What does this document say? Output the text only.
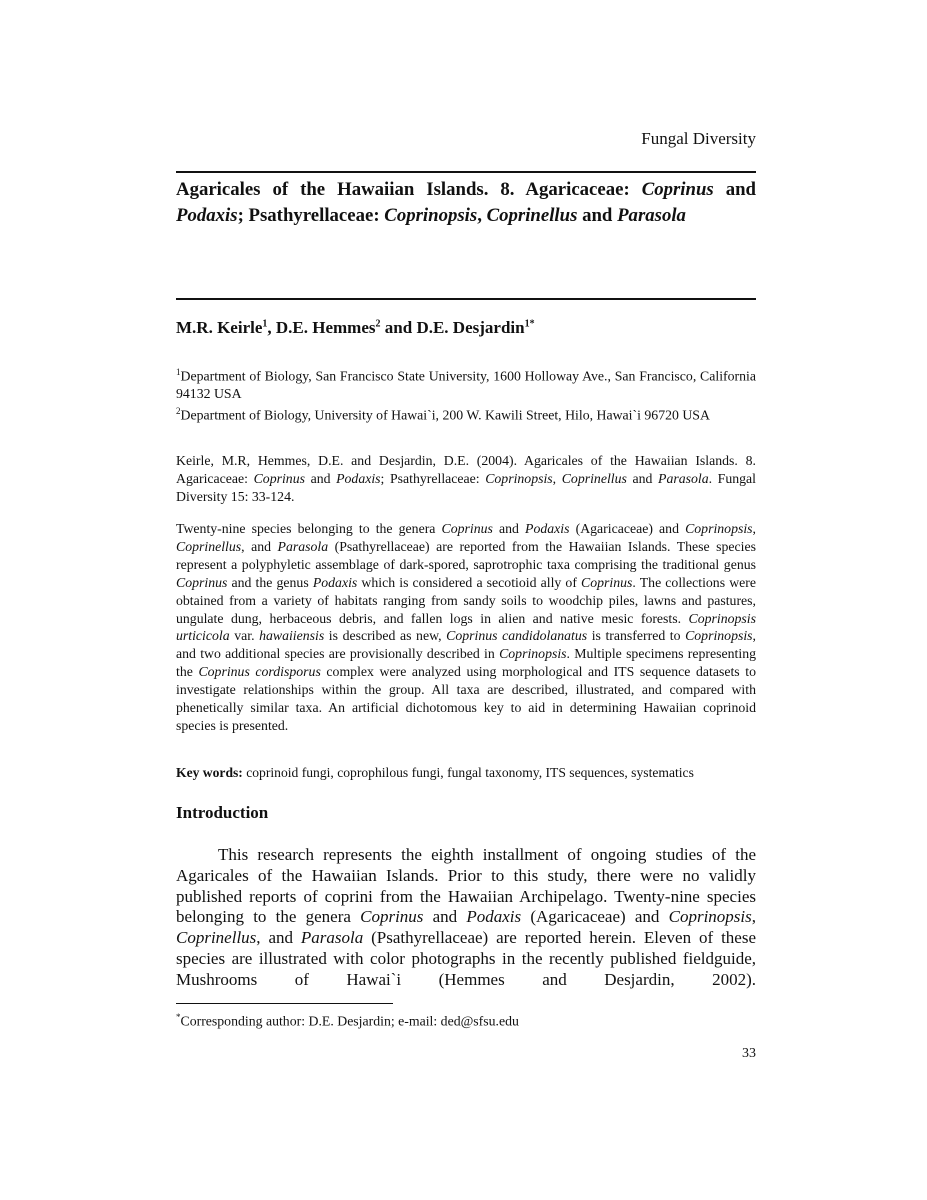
Fungal Diversity
Agaricales of the Hawaiian Islands. 8. Agaricaceae: Coprinus and Podaxis; Psathyrellaceae: Coprinopsis, Coprinellus and Parasola
M.R. Keirle$^1$, D.E. Hemmes$^2$ and D.E. Desjardin$^{1*}$

$^1$Department of Biology, San Francisco State University, 1600 Holloway Ave., San Francisco, California 94132 USA

$^2$Department of Biology, University of Hawai`i, 200 W. Kawili Street, Hilo, Hawai`i 96720 USA

Keirle, M.R, Hemmes, D.E. and Desjardin, D.E. (2004). Agaricales of the Hawaiian Islands. 8. Agaricaceae: Coprinus and Podaxis; Psathyrellaceae: Coprinopsis, Coprinellus and Parasola. Fungal Diversity 15: 33-124.
Twenty-nine species belonging to the genera Coprinus and Podaxis (Agaricaceae) and Coprinopsis, Coprinellus, and Parasola (Psathyrellaceae) are reported from the Hawaiian Islands. These species represent a polyphyletic assemblage of dark-spored, saprotrophic taxa comprising the traditional genus Coprinus and the genus Podaxis which is considered a secotioid ally of Coprinus. The collections were obtained from a variety of habitats ranging from sandy soils to woodchip piles, lawns and pastures, ungulate dung, herbaceous debris, and fallen logs in alien and native mesic forests. Coprinopsis urticicola var. hawaiiensis is described as new, Coprinus candidolanatus is transferred to Coprinopsis, and two additional species are provisionally described in Coprinopsis. Multiple specimens representing the Coprinus cordisporus complex were analyzed using morphological and ITS sequence datasets to investigate relationships within the group. All taxa are described, illustrated, and compared with phenetically similar taxa. An artificial dichotomous key to aid in determining Hawaiian coprinoid species is presented.
Key words: coprinoid fungi, coprophilous fungi, fungal taxonomy, ITS sequences, systematics
Introduction

This research represents the eighth installment of ongoing studies of the Agaricales of the Hawaiian Islands. Prior to this study, there were no validly published reports of coprini from the Hawaiian Archipelago. Twenty-nine species belonging to the genera Coprinus and Podaxis (Agaricaceae) and Coprinopsis, Coprinellus, and Parasola (Psathyrellaceae) are reported herein. Eleven of these species are illustrated with color photographs in the recently published fieldguide, Mushrooms of Hawai`i (Hemmes and Desjardin, 2002).

*Corresponding author: D.E. Desjardin; e-mail: ded@sfsu.edu
33
